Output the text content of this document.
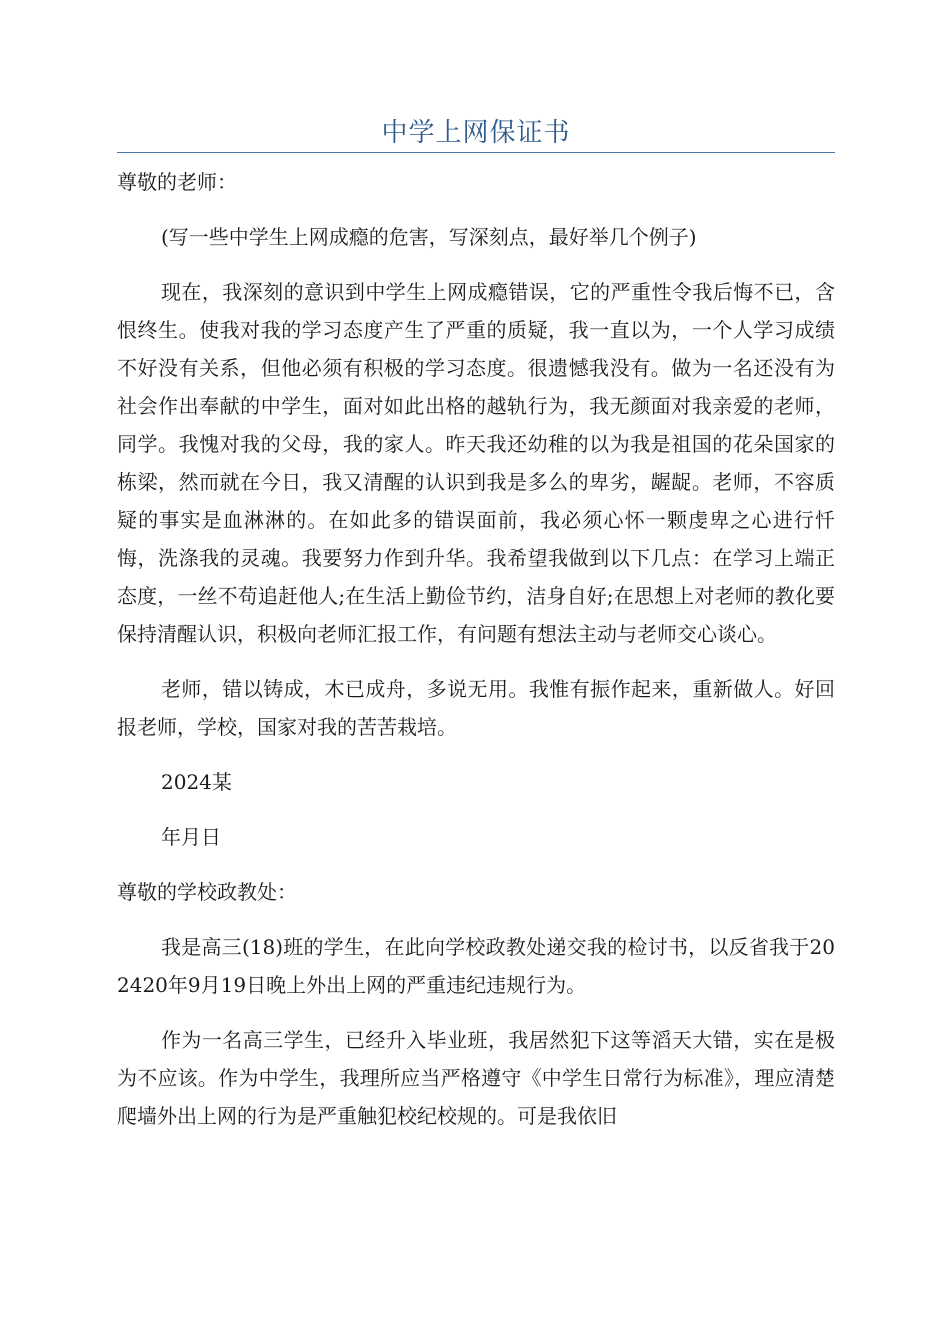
中学上网保证书

尊敬的老师：

(写一些中学生上网成瘾的危害，写深刻点，最好举几个例子)

现在，我深刻的意识到中学生上网成瘾错误，它的严重性令我后悔不已，含恨终生。使我对我的学习态度产生了严重的质疑，我一直以为，一个人学习成绩不好没有关系，但他必须有积极的学习态度。很遗憾我没有。做为一名还没有为社会作出奉献的中学生，面对如此出格的越轨行为，我无颜面对我亲爱的老师，同学。我愧对我的父母，我的家人。昨天我还幼稚的以为我是祖国的花朵国家的栋梁，然而就在今日，我又清醒的认识到我是多么的卑劣，龌龊。老师，不容质疑的事实是血淋淋的。在如此多的错误面前，我必须心怀一颗虔卑之心进行忏悔，洗涤我的灵魂。我要努力作到升华。我希望我做到以下几点：在学习上端正态度，一丝不苟追赶他人;在生活上勤俭节约，洁身自好;在思想上对老师的教化要保持清醒认识，积极向老师汇报工作，有问题有想法主动与老师交心谈心。

老师，错以铸成，木已成舟，多说无用。我惟有振作起来，重新做人。好回报老师，学校，国家对我的苦苦栽培。

2024某

年月日

尊敬的学校政教处：

我是高三(18)班的学生，在此向学校政教处递交我的检讨书，以反省我于202420年9月19日晚上外出上网的严重违纪违规行为。

作为一名高三学生，已经升入毕业班，我居然犯下这等滔天大错，实在是极为不应该。作为中学生，我理所应当严格遵守《中学生日常行为标准》，理应清楚爬墙外出上网的行为是严重触犯校纪校规的。可是我依旧
